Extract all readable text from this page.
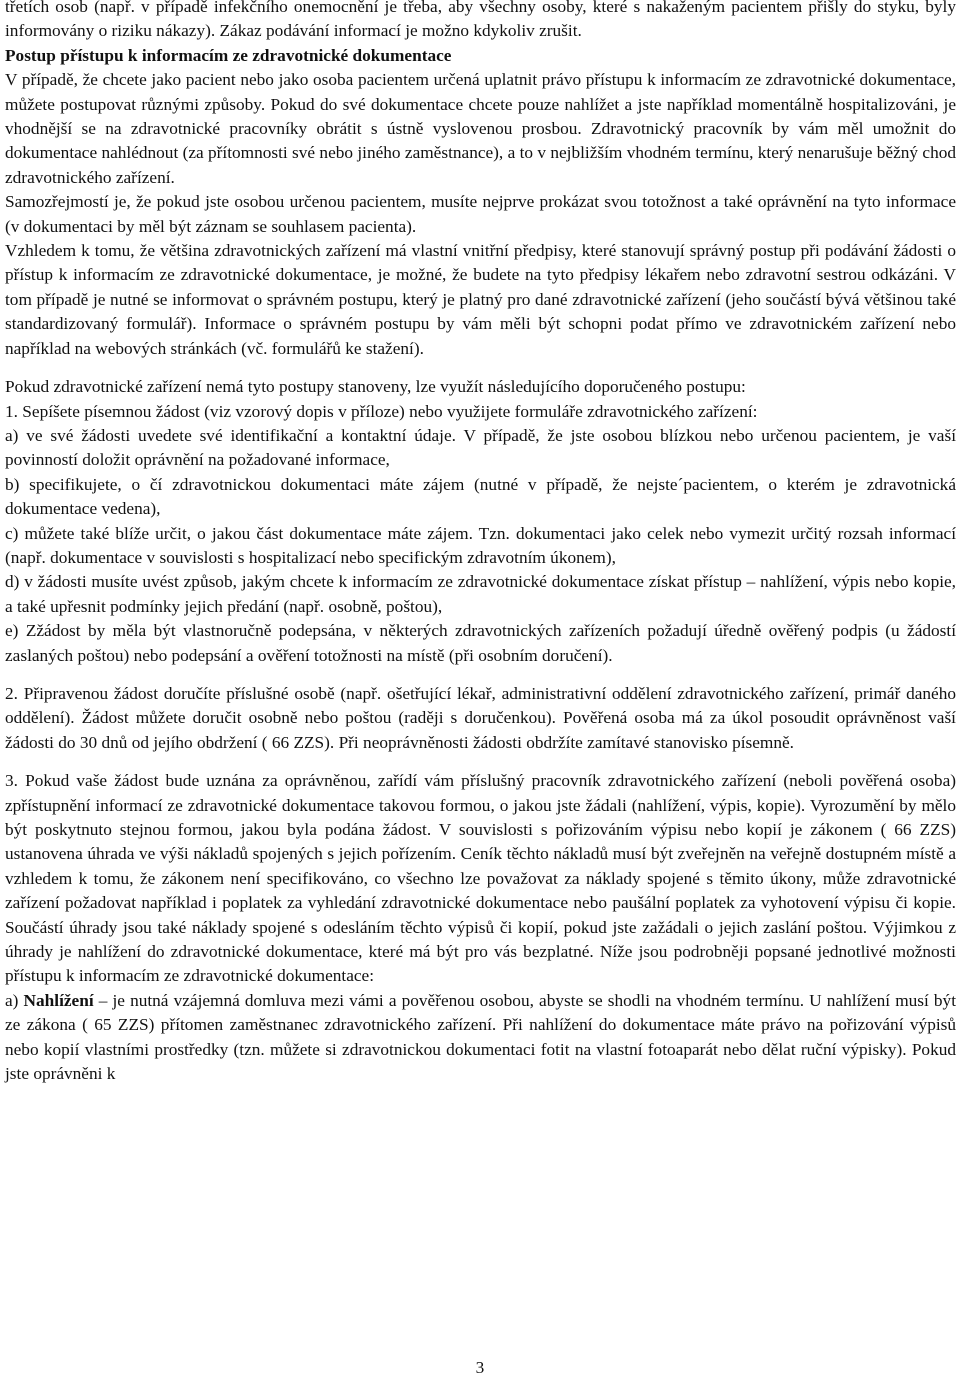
třetích osob (např. v případě infekčního onemocnění je třeba, aby všechny osoby, které s nakaženým pacientem přišly do styku, byly informovány o riziku nákazy). Zákaz podávání informací je možno kdykoliv zrušit.

Postup přístupu k informacím ze zdravotnické dokumentace

V případě, že chcete jako pacient nebo jako osoba pacientem určená uplatnit právo přístupu k informacím ze zdravotnické dokumentace, můžete postupovat různými způsoby. Pokud do své dokumentace chcete pouze nahlížet a jste například momentálně hospitalizováni, je vhodnější se na zdravotnické pracovníky obrátit s ústně vyslovenou prosbou. Zdravotnický pracovník by vám měl umožnit do dokumentace nahlédnout (za přítomnosti své nebo jiného zaměstnance), a to v nejbližším vhodném termínu, který nenarušuje běžný chod zdravotnického zařízení.

Samozřejmostí je, že pokud jste osobou určenou pacientem, musíte nejprve prokázat svou totožnost a také oprávnění na tyto informace (v dokumentaci by měl být záznam se souhlasem pacienta).

Vzhledem k tomu, že většina zdravotnických zařízení má vlastní vnitřní předpisy, které stanovují správný postup při podávání žádosti o přístup k informacím ze zdravotnické dokumentace, je možné, že budete na tyto předpisy lékařem nebo zdravotní sestrou odkázáni. V tom případě je nutné se informovat o správném postupu, který je platný pro dané zdravotnické zařízení (jeho součástí bývá většinou také standardizovaný formulář). Informace o správném postupu by vám měli být schopni podat přímo ve zdravotnickém zařízení nebo například na webových stránkách (vč. formulářů ke stažení).

Pokud zdravotnické zařízení nemá tyto postupy stanoveny, lze využít následujícího doporučeného postupu:

1. Sepíšete písemnou žádost (viz vzorový dopis v příloze) nebo využijete formuláře zdravotnického zařízení:

a) ve své žádosti uvedete své identifikační a kontaktní údaje. V případě, že jste osobou blízkou nebo určenou pacientem, je vaší povinností doložit oprávnění na požadované informace,

b) specifikujete, o čí zdravotnickou dokumentaci máte zájem (nutné v případě, že nejste´pacientem, o kterém je zdravotnická dokumentace vedena),

c) můžete také blíže určit, o jakou část dokumentace máte zájem. Tzn. dokumentaci jako celek nebo vymezit určitý rozsah informací (např. dokumentace v souvislosti s hospitalizací nebo specifickým zdravotním úkonem),

d) v žádosti musíte uvést způsob, jakým chcete k informacím ze zdravotnické dokumentace získat přístup – nahlížení, výpis nebo kopie, a také upřesnit podmínky jejich předání (např. osobně, poštou),

e) Zžádost by měla být vlastnoručně podepsána, v některých zdravotnických zařízeních požadují úředně ověřený podpis (u žádostí zaslaných poštou) nebo podepsání a ověření totožnosti na místě (při osobním doručení).

2. Připravenou žádost doručíte příslušné osobě (např. ošetřující lékař, administrativní oddělení zdravotnického zařízení, primář daného oddělení). Žádost můžete doručit osobně nebo poštou (raději s doručenkou). Pověřená osoba má za úkol posoudit oprávněnost vaší žádosti do 30 dnů od jejího obdržení ( 66 ZZS). Při neoprávněnosti žádosti obdržíte zamítavé stanovisko písemně.

3. Pokud vaše žádost bude uznána za oprávněnou, zařídí vám příslušný pracovník zdravotnického zařízení (neboli pověřená osoba) zpřístupnění informací ze zdravotnické dokumentace takovou formou, o jakou jste žádali (nahlížení, výpis, kopie). Vyrozumění by mělo být poskytnuto stejnou formou, jakou byla podána žádost. V souvislosti s pořizováním výpisu nebo kopií je zákonem ( 66 ZZS) ustanovena úhrada ve výši nákladů spojených s jejich pořízením. Ceník těchto nákladů musí být zveřejněn na veřejně dostupném místě a vzhledem k tomu, že zákonem není specifikováno, co všechno lze považovat za náklady spojené s těmito úkony, může zdravotnické zařízení požadovat například i poplatek za vyhledání zdravotnické dokumentace nebo paušální poplatek za vyhotovení výpisu či kopie. Součástí úhrady jsou také náklady spojené s odesláním těchto výpisů či kopií, pokud jste zažádali o jejich zaslání poštou. Výjimkou z úhrady je nahlížení do zdravotnické dokumentace, které má být pro vás bezplatné. Níže jsou podrobněji popsané jednotlivé možnosti přístupu k informacím ze zdravotnické dokumentace:

a) Nahlížení – je nutná vzájemná domluva mezi vámi a pověřenou osobou, abyste se shodli na vhodném termínu. U nahlížení musí být ze zákona ( 65 ZZS) přítomen zaměstnanec zdravotnického zařízení. Při nahlížení do dokumentace máte právo na pořizování výpisů nebo kopií vlastními prostředky (tzn. můžete si zdravotnickou dokumentaci fotit na vlastní fotoaparát nebo dělat ruční výpisky). Pokud jste oprávněni k

3
